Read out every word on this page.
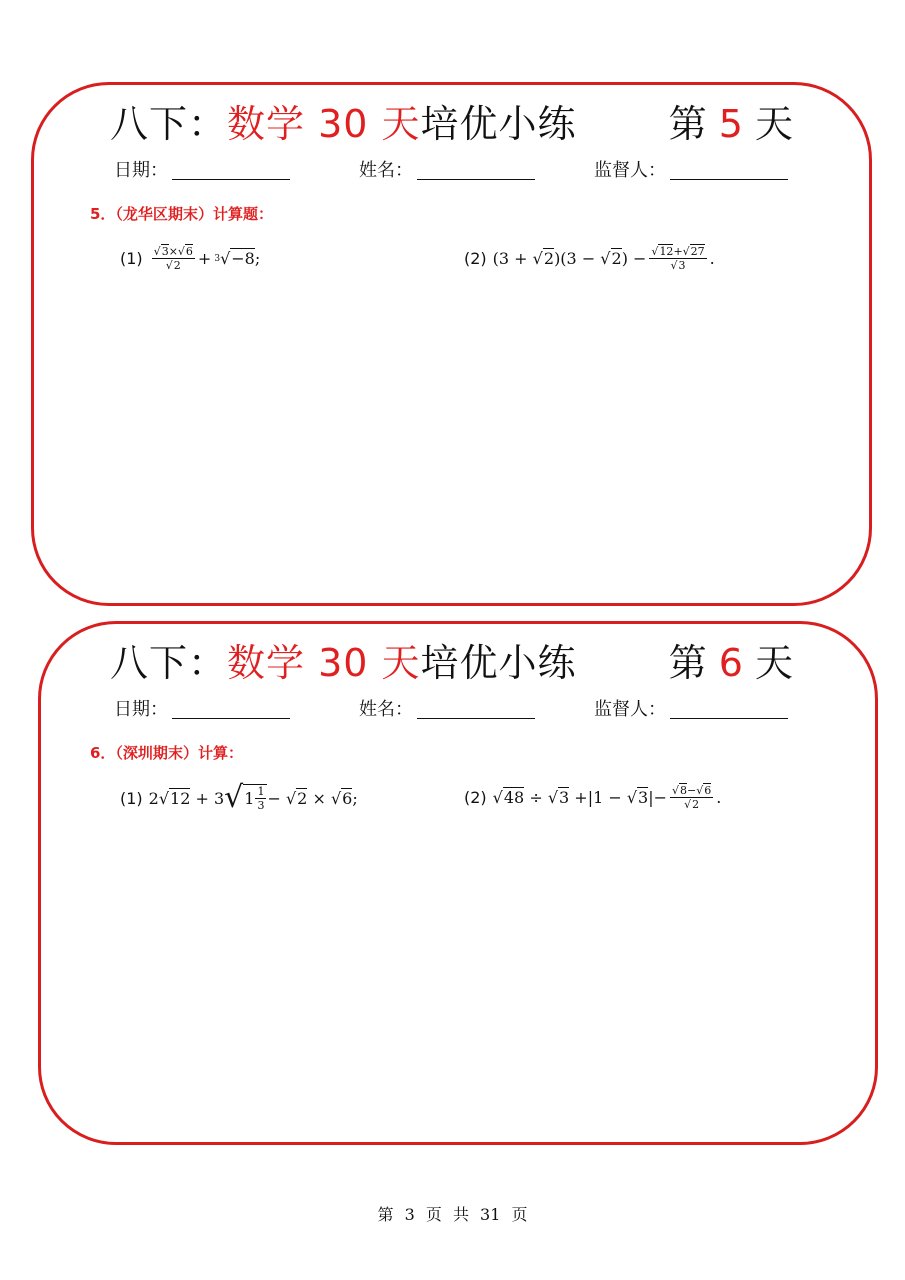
八下：数学 30 天培优小练 第 5 天
日期：	姓名：	监督人：
5．（龙华区期末）计算题：
$(1) \frac{√3\times√6}{√2} + 3$ √−8;	(2) $(3 + √2)(3 - √2) - \frac{√12+√27}{√3}$ .
八下：数学 30 天培优小练 第 6 天
日期：	姓名：	监督人：
6．（深圳期末）计算：
(1) 2√12 + 3 √ $1 \frac{1}{3} - √2 \times √6$;	(2) $√48 \div √3 +|1 - √3|- \frac{√8-√6}{√2}$ .
第 3 页 共 31 页
